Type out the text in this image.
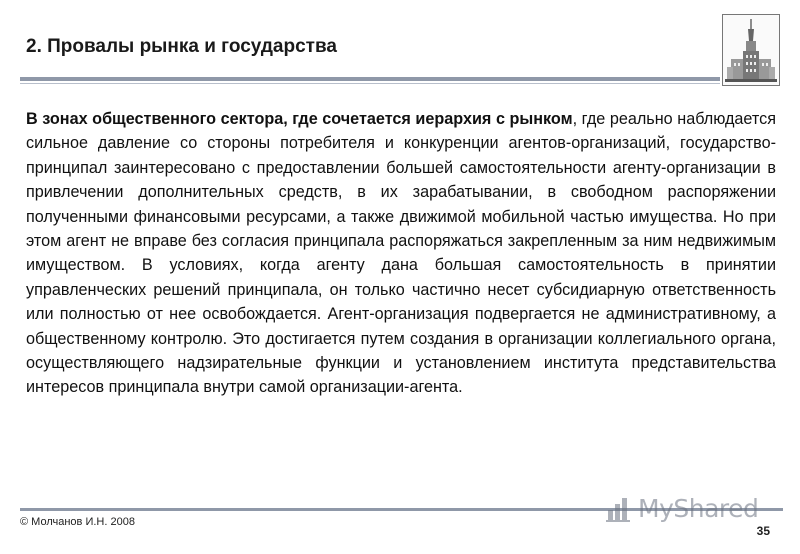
2. Провалы рынка и государства
В зонах общественного сектора, где сочетается иерархия с рынком, где реально наблюдается сильное давление со стороны потребителя и конкуренции агентов-организаций, государство-принципал заинтересовано с предоставлении большей самостоятельности агенту-организации в привлечении дополнительных средств, в их зарабатывании, в свободном распоряжении полученными финансовыми ресурсами, а также движимой мобильной частью имущества. Но при этом агент не вправе без согласия принципала распоряжаться закрепленным за ним недвижимым имуществом. В условиях, когда агенту дана большая самостоятельность в принятии управленческих решений принципала, он только частично несет субсидиарную ответственность или полностью от нее освобождается. Агент-организация подвергается не административному, а общественному контролю. Это достигается путем создания в организации коллегиального органа, осуществляющего надзирательные функции и установлением института представительства интересов принципала внутри самой организации-агента.
© Молчанов И.Н. 2008	MyShared
35
